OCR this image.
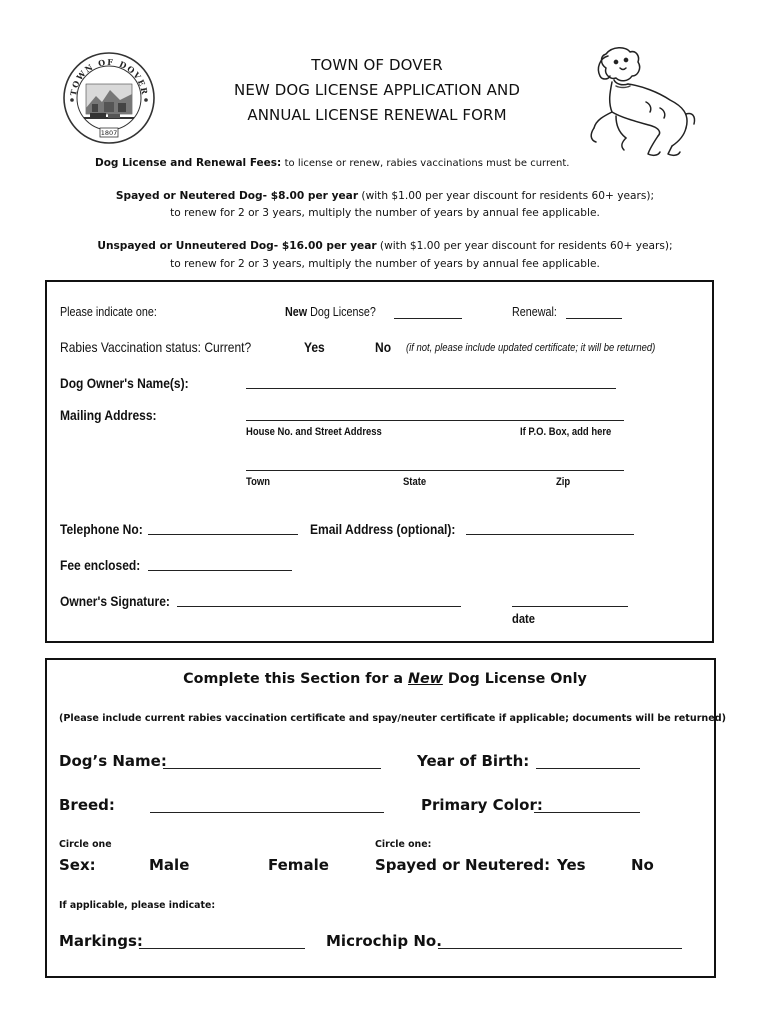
TOWN OF DOVER
1807
TOWN OF DOVER
NEW DOG LICENSE APPLICATION AND
ANNUAL LICENSE RENEWAL FORM
Dog License and Renewal Fees: to license or renew, rabies vaccinations must be current.
Spayed or Neutered Dog- $8.00 per year (with $1.00 per year discount for residents 60+ years);
to renew for 2 or 3 years, multiply the number of years by annual fee applicable.
Unspayed or Unneutered Dog- $16.00 per year (with $1.00 per year discount for residents 60+ years);
to renew for 2 or 3 years, multiply the number of years by annual fee applicable.
Please indicate one:	New Dog License?	Renewal:
Rabies Vaccination status: Current?	Yes	No (if not, please include updated certificate; it will be returned)
Dog Owner's Name(s):
Mailing Address:
House No. and Street Address	If P.O. Box, add here
Town	State	Zip
Telephone No:	Email Address (optional):
Fee enclosed:
Owner's Signature:
date
Complete this Section for a New Dog License Only
(Please include current rabies vaccination certificate and spay/neuter certificate if applicable; documents will be returned)
Dog’s Name:	Year of Birth:
Breed:	Primary Color:
Circle one	Circle one:
Sex:	Male	Female	Spayed or Neutered: Yes	No
If applicable, please indicate:
Markings:	Microchip No.
